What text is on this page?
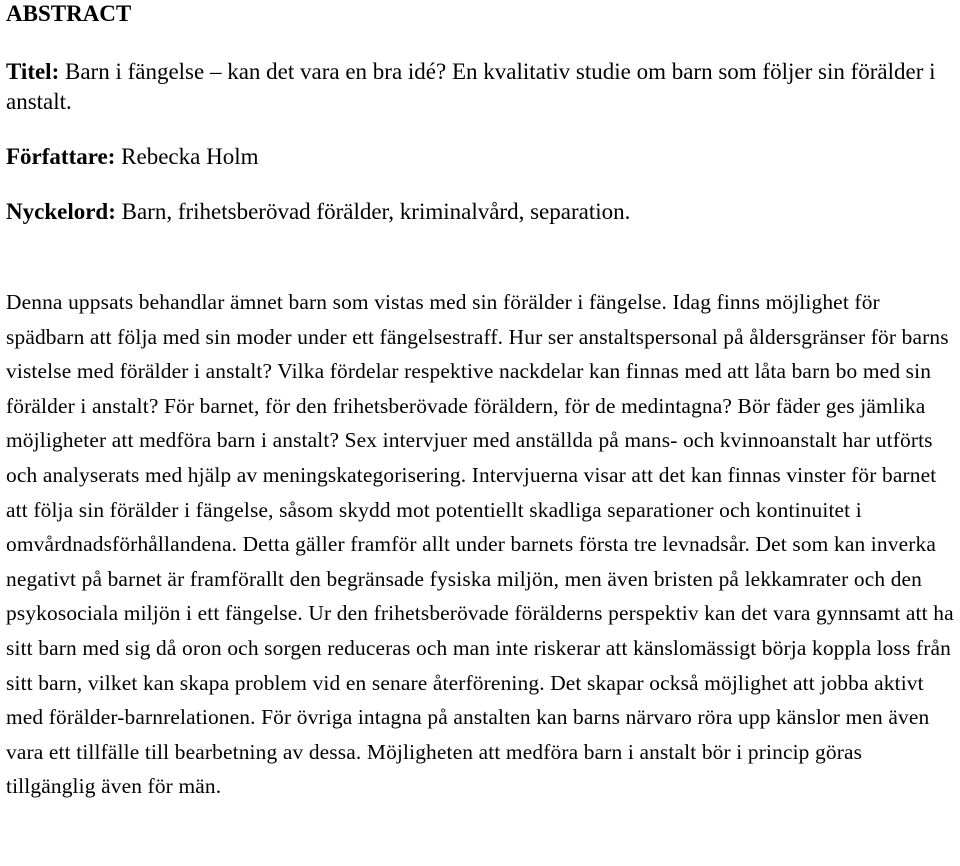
ABSTRACT

Titel: Barn i fängelse – kan det vara en bra idé? En kvalitativ studie om barn som följer sin förälder i anstalt.

Författare: Rebecka Holm

Nyckelord: Barn, frihetsberövad förälder, kriminalvård, separation.

Denna uppsats behandlar ämnet barn som vistas med sin förälder i fängelse. Idag finns möjlighet för spädbarn att följa med sin moder under ett fängelsestraff. Hur ser anstaltspersonal på åldersgränser för barns vistelse med förälder i anstalt? Vilka fördelar respektive nackdelar kan finnas med att låta barn bo med sin förälder i anstalt? För barnet, för den frihetsberövade föräldern, för de medintagna? Bör fäder ges jämlika möjligheter att medföra barn i anstalt? Sex intervjuer med anställda på mans- och kvinnoanstalt har utförts och analyserats med hjälp av meningskategorisering. Intervjuerna visar att det kan finnas vinster för barnet att följa sin förälder i fängelse, såsom skydd mot potentiellt skadliga separationer och kontinuitet i omvårdnadsförhållandena. Detta gäller framför allt under barnets första tre levnadsår. Det som kan inverka negativt på barnet är framförallt den begränsade fysiska miljön, men även bristen på lekkamrater och den psykosociala miljön i ett fängelse. Ur den frihetsberövade förälderns perspektiv kan det vara gynnsamt att ha sitt barn med sig då oron och sorgen reduceras och man inte riskerar att känslomässigt börja koppla loss från sitt barn, vilket kan skapa problem vid en senare återförening. Det skapar också möjlighet att jobba aktivt med förälder-barnrelationen. För övriga intagna på anstalten kan barns närvaro röra upp känslor men även vara ett tillfälle till bearbetning av dessa. Möjligheten att medföra barn i anstalt bör i princip göras tillgänglig även för män.
